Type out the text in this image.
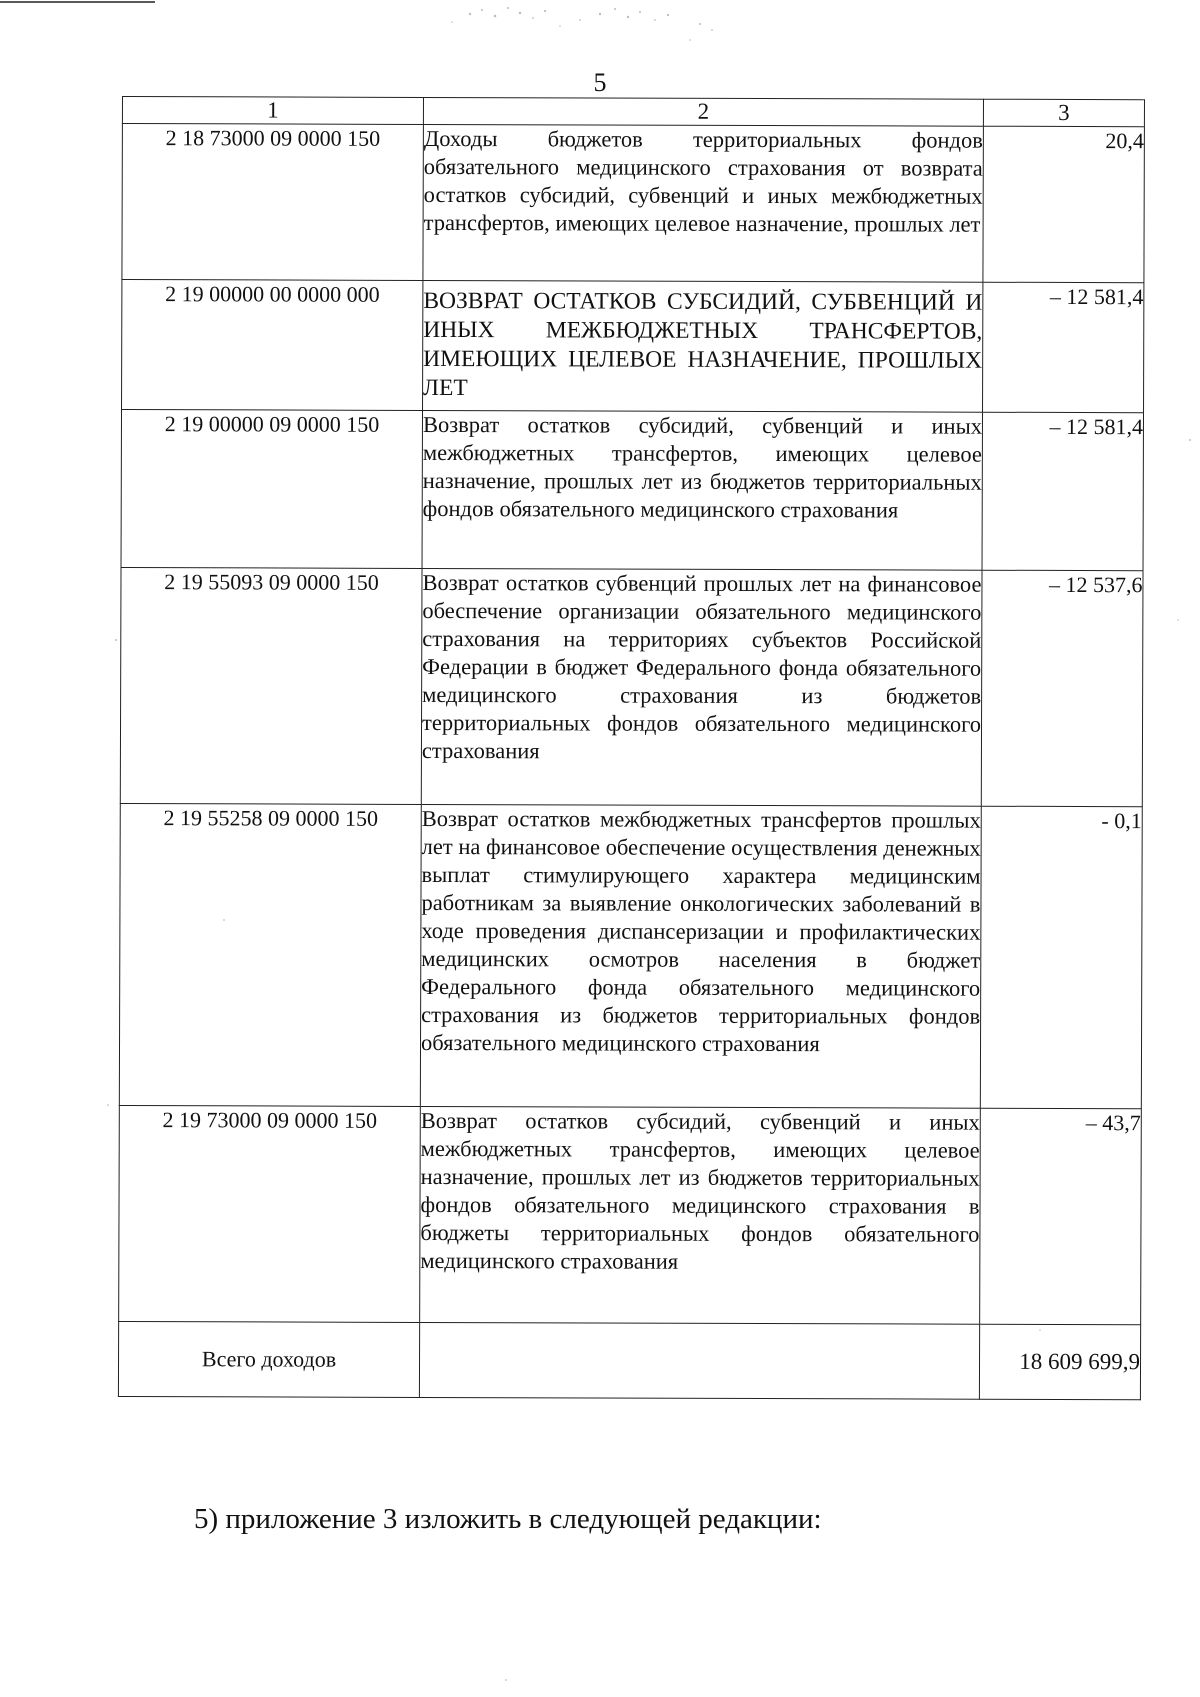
5
1	2	3
2 18 73000 09 0000 150	Доходы бюджетов территориальных фондов обязательного медицинского страхования от возврата остатков субсидий, субвенций и иных межбюджетных трансфертов, имеющих целевое назначение, прошлых лет	20,4
2 19 00000 00 0000 000	ВОЗВРАТ ОСТАТКОВ СУБСИДИЙ, СУБВЕНЦИЙ И ИНЫХ МЕЖБЮДЖЕТНЫХ ТРАНСФЕРТОВ, ИМЕЮЩИХ ЦЕЛЕВОЕ НАЗНАЧЕНИЕ, ПРОШЛЫХ ЛЕТ	– 12 581,4
2 19 00000 09 0000 150	Возврат остатков субсидий, субвенций и иных межбюджетных трансфертов, имеющих целевое назначение, прошлых лет из бюджетов территориальных фондов обязательного медицинского страхования	– 12 581,4
2 19 55093 09 0000 150	Возврат остатков субвенций прошлых лет на финансовое обеспечение организации обязательного медицинского страхования на территориях субъектов Российской Федерации в бюджет Федерального фонда обязательного медицинского страхования из бюджетов территориальных фондов обязательного медицинского страхования	– 12 537,6
2 19 55258 09 0000 150	Возврат остатков межбюджетных трансфертов прошлых лет на финансовое обеспечение осуществления денежных выплат стимулирующего характера медицинским работникам за выявление онкологических заболеваний в ходе проведения диспансеризации и профилактических медицинских осмотров населения в бюджет Федерального фонда обязательного медицинского страхования из бюджетов территориальных фондов обязательного медицинского страхования	- 0,1
2 19 73000 09 0000 150	Возврат остатков субсидий, субвенций и иных межбюджетных трансфертов, имеющих целевое назначение, прошлых лет из бюджетов территориальных фондов обязательного медицинского страхования в бюджеты территориальных фондов обязательного медицинского страхования	– 43,7
Всего доходов		18 609 699,9
5) приложение 3 изложить в следующей редакции:
